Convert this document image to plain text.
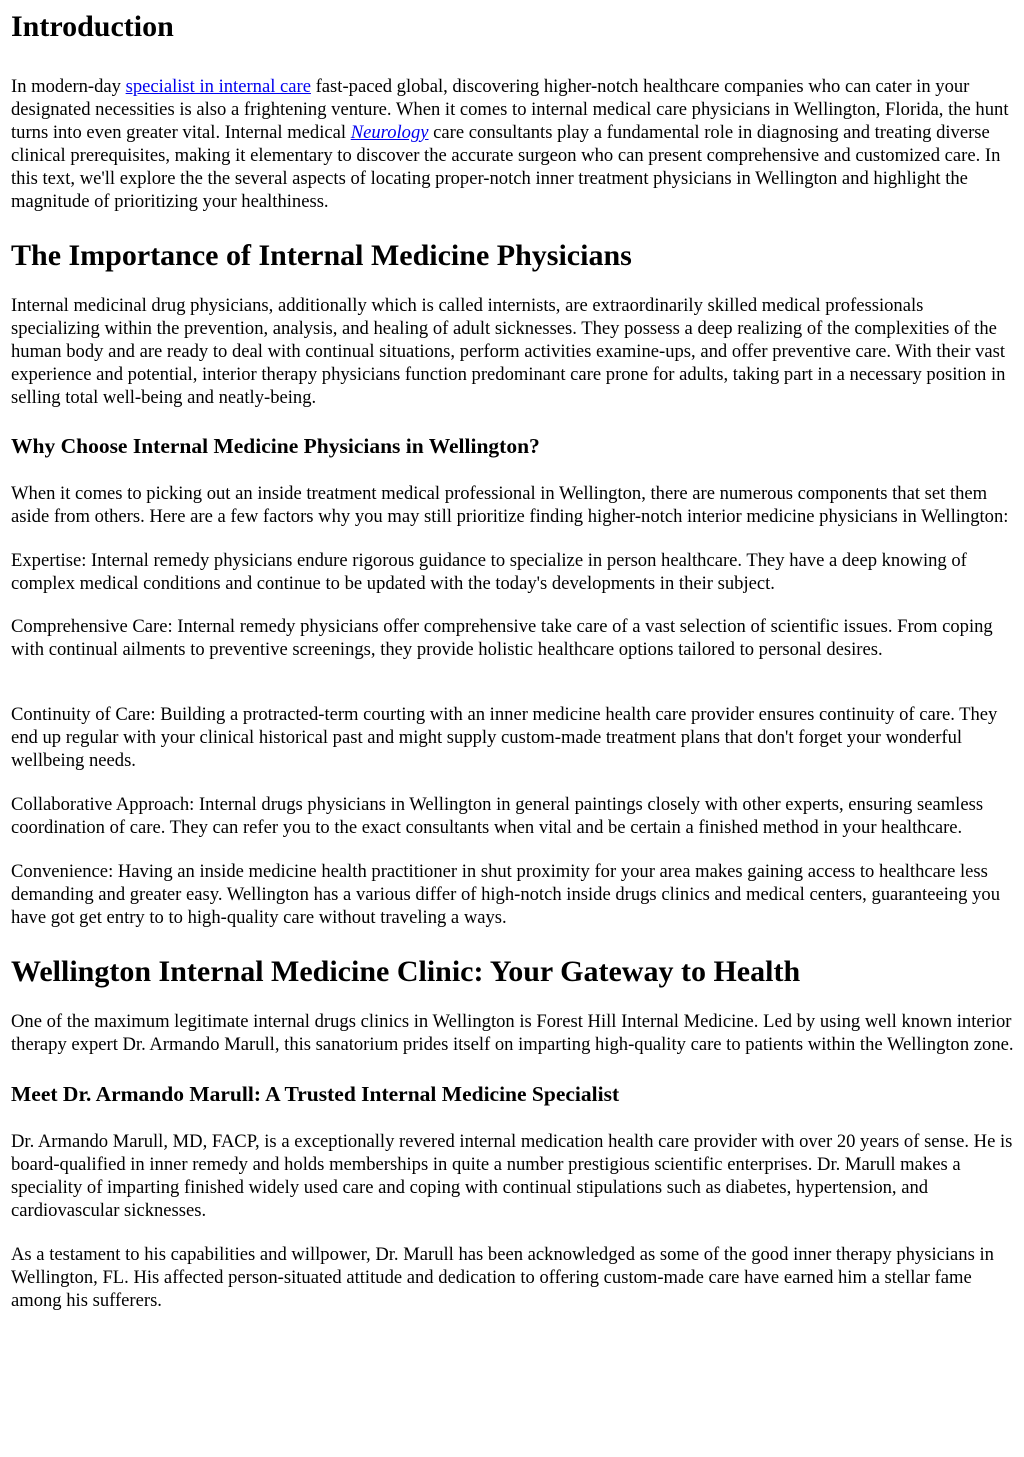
Introduction

In modern-day specialist in internal care fast-paced global, discovering higher-notch healthcare companies who can cater in your designated necessities is also a frightening venture. When it comes to internal medical care physicians in Wellington, Florida, the hunt turns into even greater vital. Internal medical Neurology care consultants play a fundamental role in diagnosing and treating diverse clinical prerequisites, making it elementary to discover the accurate surgeon who can present comprehensive and customized care. In this text, we'll explore the the several aspects of locating proper-notch inner treatment physicians in Wellington and highlight the magnitude of prioritizing your healthiness.

The Importance of Internal Medicine Physicians

Internal medicinal drug physicians, additionally which is called internists, are extraordinarily skilled medical professionals specializing within the prevention, analysis, and healing of adult sicknesses. They possess a deep realizing of the complexities of the human body and are ready to deal with continual situations, perform activities examine-ups, and offer preventive care. With their vast experience and potential, interior therapy physicians function predominant care prone for adults, taking part in a necessary position in selling total well-being and neatly-being.

Why Choose Internal Medicine Physicians in Wellington?

When it comes to picking out an inside treatment medical professional in Wellington, there are numerous components that set them aside from others. Here are a few factors why you may still prioritize finding higher-notch interior medicine physicians in Wellington:

Expertise: Internal remedy physicians endure rigorous guidance to specialize in person healthcare. They have a deep knowing of complex medical conditions and continue to be updated with the today's developments in their subject.

Comprehensive Care: Internal remedy physicians offer comprehensive take care of a vast selection of scientific issues. From coping with continual ailments to preventive screenings, they provide holistic healthcare options tailored to personal desires.

Continuity of Care: Building a protracted-term courting with an inner medicine health care provider ensures continuity of care. They end up regular with your clinical historical past and might supply custom-made treatment plans that don't forget your wonderful wellbeing needs.

Collaborative Approach: Internal drugs physicians in Wellington in general paintings closely with other experts, ensuring seamless coordination of care. They can refer you to the exact consultants when vital and be certain a finished method in your healthcare.

Convenience: Having an inside medicine health practitioner in shut proximity for your area makes gaining access to healthcare less demanding and greater easy. Wellington has a various differ of high-notch inside drugs clinics and medical centers, guaranteeing you have got get entry to to high-quality care without traveling a ways.

Wellington Internal Medicine Clinic: Your Gateway to Health

One of the maximum legitimate internal drugs clinics in Wellington is Forest Hill Internal Medicine. Led by using well known interior therapy expert Dr. Armando Marull, this sanatorium prides itself on imparting high-quality care to patients within the Wellington zone.

Meet Dr. Armando Marull: A Trusted Internal Medicine Specialist

Dr. Armando Marull, MD, FACP, is a exceptionally revered internal medication health care provider with over 20 years of sense. He is board-qualified in inner remedy and holds memberships in quite a number prestigious scientific enterprises. Dr. Marull makes a speciality of imparting finished widely used care and coping with continual stipulations such as diabetes, hypertension, and cardiovascular sicknesses.

As a testament to his capabilities and willpower, Dr. Marull has been acknowledged as some of the good inner therapy physicians in Wellington, FL. His affected person-situated attitude and dedication to offering custom-made care have earned him a stellar fame among his sufferers.
